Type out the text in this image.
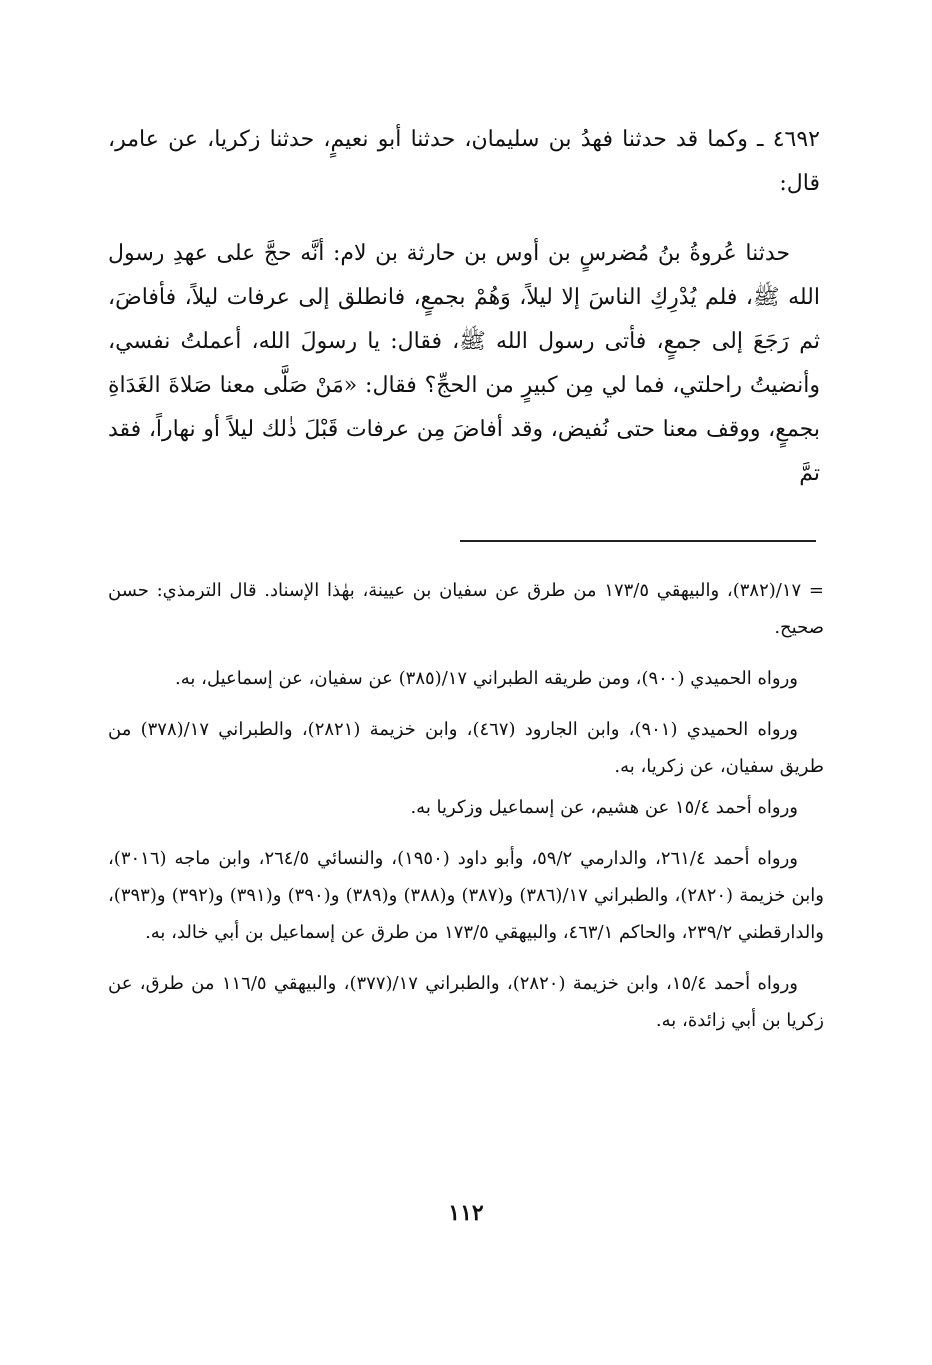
٤٦٩٢ ـ وكما قد حدثنا فهدُ بن سليمان، حدثنا أبو نعيمٍ، حدثنا زكريا، عن عامر، قال:

حدثنا عُروةُ بنُ مُضرسٍ بن أوس بن حارثة بن لام: أنَّه حجَّ على عهدِ رسول الله ﷺ، فلم يُدْرِكِ الناسَ إلا ليلاً، وَهُمْ بجمعٍ، فانطلق إلى عرفات ليلاً، فأفاضَ، ثم رَجَعَ إلى جمعٍ، فأتى رسول الله ﷺ، فقال: يا رسولَ الله، أعملتُ نفسي، وأنضيتُ راحلتي، فما لي مِن كبيرٍ من الحجِّ؟ فقال: «مَنْ صَلَّى معنا صَلاةَ الغَدَاةِ بجمعٍ، ووقف معنا حتى نُفيض، وقد أفاضَ مِن عرفات قَبْلَ ذٰلك ليلاً أو نهاراً، فقد تمَّ

= ١٧/(٣٨٢)، والبيهقي ١٧٣/٥ من طرق عن سفيان بن عيينة، بهٰذا الإسناد. قال الترمذي: حسن صحيح.

ورواه الحميدي (٩٠٠)، ومن طريقه الطبراني ١٧/(٣٨٥) عن سفيان، عن إسماعيل، به.

ورواه الحميدي (٩٠١)، وابن الجارود (٤٦٧)، وابن خزيمة (٢٨٢١)، والطبراني ١٧/(٣٧٨) من طريق سفيان، عن زكريا، به.

ورواه أحمد ١٥/٤ عن هشيم، عن إسماعيل وزكريا به.

ورواه أحمد ٢٦١/٤، والدارمي ٥٩/٢، وأبو داود (١٩٥٠)، والنسائي ٢٦٤/٥، وابن ماجه (٣٠١٦)، وابن خزيمة (٢٨٢٠)، والطبراني ١٧/(٣٨٦) و(٣٨٧) و(٣٨٨) و(٣٨٩) و(٣٩٠) و(٣٩١) و(٣٩٢) و(٣٩٣)، والدارقطني ٢٣٩/٢، والحاكم ٤٦٣/١، والبيهقي ١٧٣/٥ من طرق عن إسماعيل بن أبي خالد، به.

ورواه أحمد ١٥/٤، وابن خزيمة (٢٨٢٠)، والطبراني ١٧/(٣٧٧)، والبيهقي ١١٦/٥ من طرق، عن زكريا بن أبي زائدة، به.

١١٢
